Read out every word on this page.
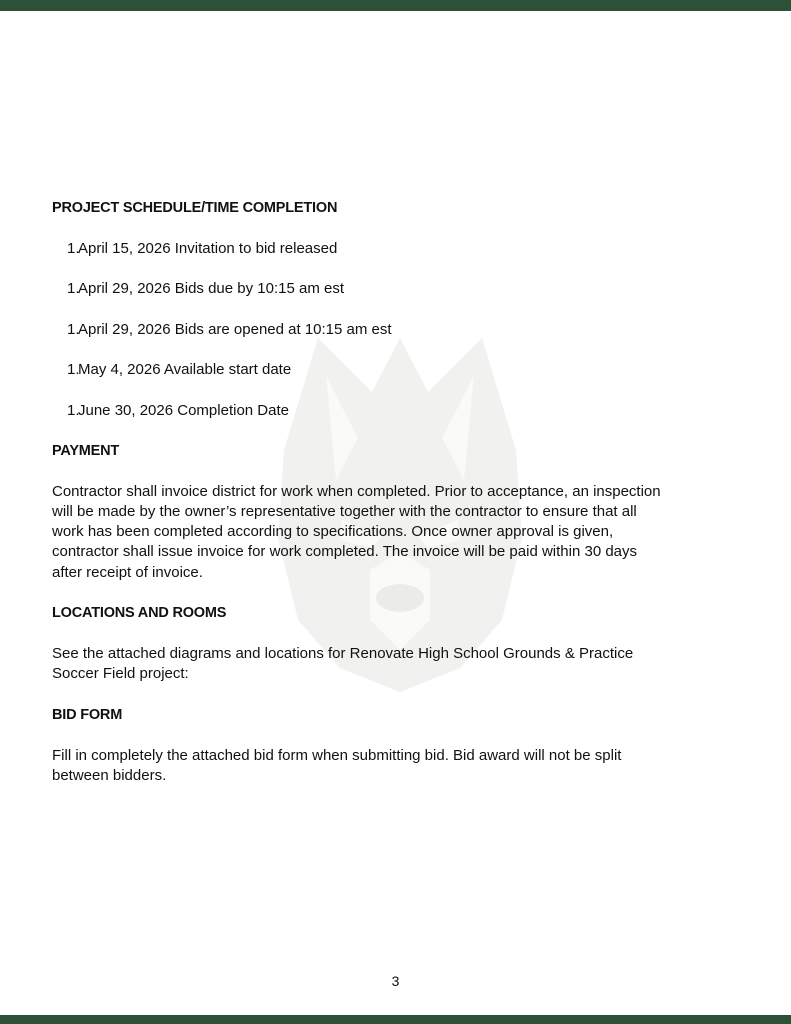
PROJECT SCHEDULE/TIME COMPLETION
1.April 15, 2026 Invitation to bid released
1.April 29, 2026 Bids due by 10:15 am est
1.April 29, 2026 Bids are opened at 10:15 am est
1.May 4, 2026 Available start date
1.June 30, 2026 Completion Date
PAYMENT

Contractor shall invoice district for work when completed. Prior to acceptance, an inspection
will be made by the owner’s representative together with the contractor to ensure that all
work has been completed according to specifications. Once owner approval is given,
contractor shall issue invoice for work completed. The invoice will be paid within 30 days
after receipt of invoice.

LOCATIONS AND ROOMS

See the attached diagrams and locations for Renovate High School Grounds & Practice
Soccer Field project:

BID FORM

Fill in completely the attached bid form when submitting bid. Bid award will not be split
between bidders.

3
